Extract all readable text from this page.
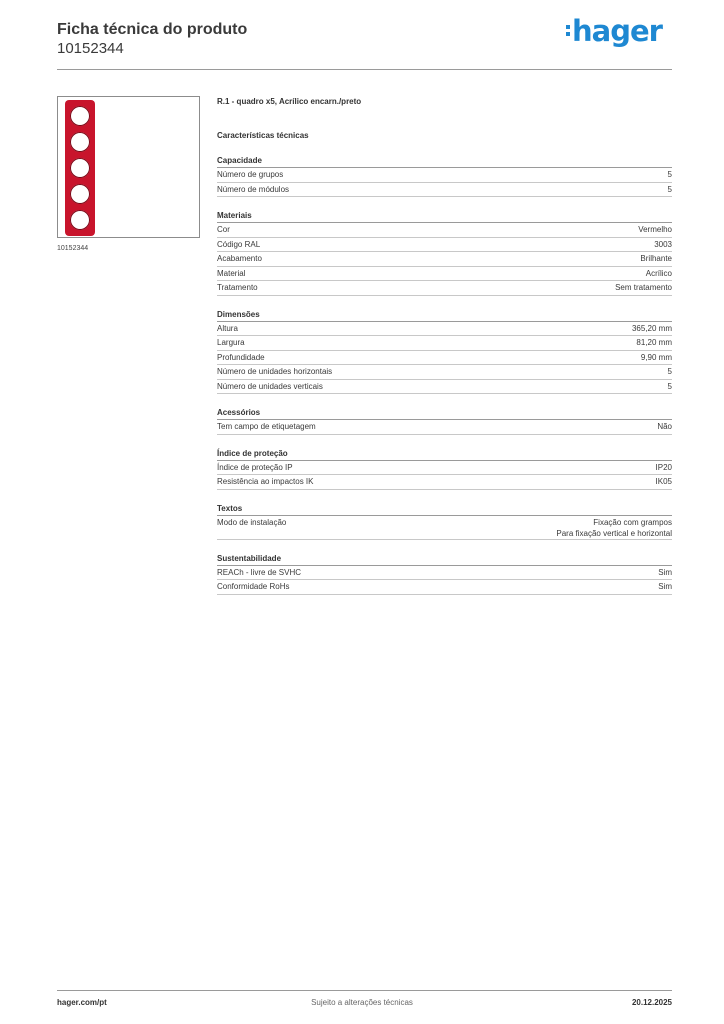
Ficha técnica do produto
10152344
hager
10152344
R.1 - quadro x5, Acrílico encarn./preto
Características técnicas
Capacidade
Número de grupos	5
Número de módulos	5
Materiais
Cor	Vermelho
Código RAL	3003
Acabamento	Brilhante
Material	Acrílico
Tratamento	Sem tratamento
Dimensões
Altura	365,20 mm
Largura	81,20 mm
Profundidade	9,90 mm
Número de unidades horizontais	5
Número de unidades verticais	5
Acessórios
Tem campo de etiquetagem	Não
Índice de proteção
Índice de proteção IP	IP20
Resistência ao impactos IK	IK05
Textos
Modo de instalação	Fixação com grampos
Para fixação vertical e horizontal
Sustentabilidade
REACh - livre de SVHC	Sim
Conformidade RoHs	Sim
hager.com/pt	Sujeito a alterações técnicas	20.12.2025
